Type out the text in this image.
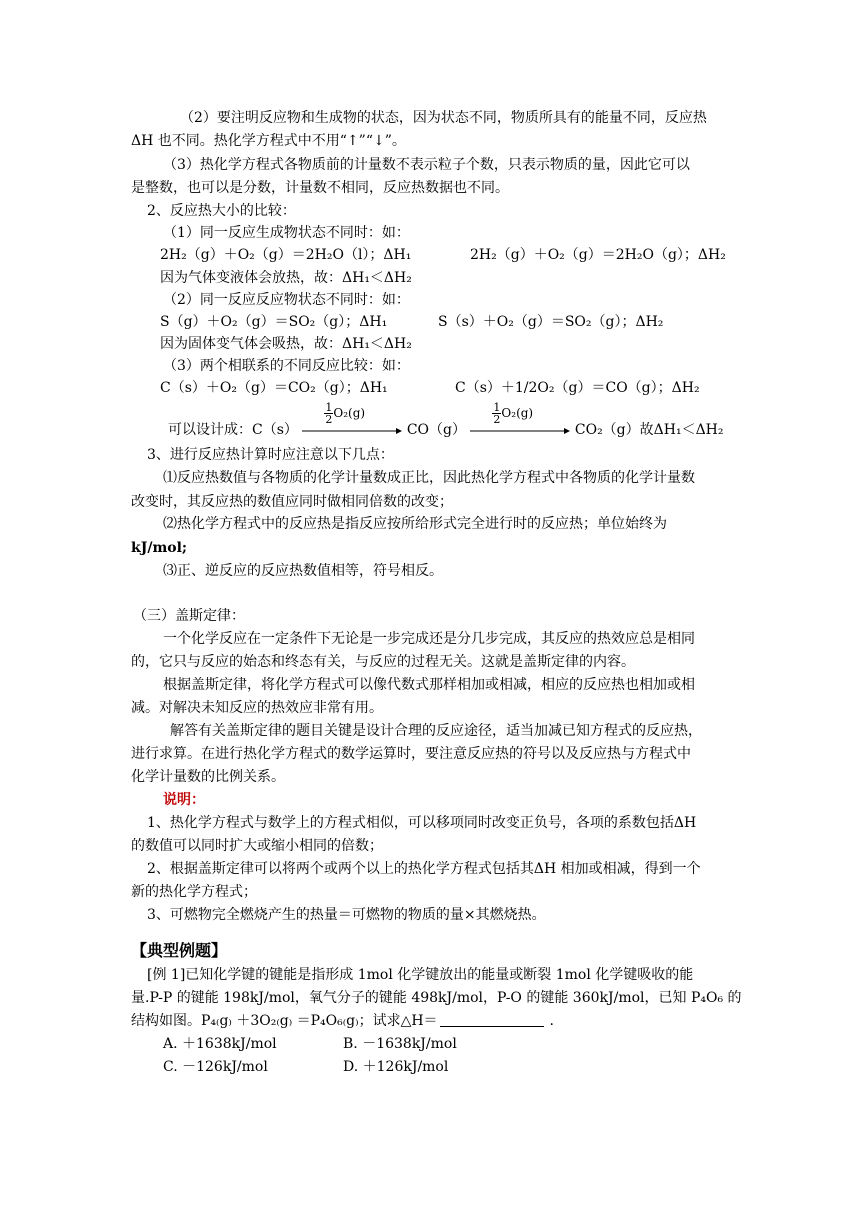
（2）要注明反应物和生成物的状态，因为状态不同，物质所具有的能量不同，反应热
ΔH 也不同。热化学方程式中不用“↑”“↓”。
（3）热化学方程式各物质前的计量数不表示粒子个数，只表示物质的量，因此它可以
是整数，也可以是分数，计量数不相同，反应热数据也不同。
2、反应热大小的比较：
（1）同一反应生成物状态不同时：如：
2H₂（g）＋O₂（g）＝2H₂O（l）；ΔH₁	2H₂（g）＋O₂（g）＝2H₂O（g）；ΔH₂
因为气体变液体会放热，故：ΔH₁＜ΔH₂
（2）同一反应反应物状态不同时：如：
S（g）＋O₂（g）＝SO₂（g）；ΔH₁	S（s）＋O₂（g）＝SO₂（g）；ΔH₂
因为固体变气体会吸热，故：ΔH₁＜ΔH₂
（3）两个相联系的不同反应比较：如：
C（s）＋O₂（g）＝CO₂（g）；ΔH₁	C（s）＋1/2O₂（g）＝CO（g）；ΔH₂
可以设计成：C（s）
$\frac{1}{2} O_2(g)$
CO（g）
$\frac{1}{2} O_2(g)$
CO₂（g）故ΔH₁＜ΔH₂
3、进行反应热计算时应注意以下几点：
⑴反应热数值与各物质的化学计量数成正比，因此热化学方程式中各物质的化学计量数
改变时，其反应热的数值应同时做相同倍数的改变；
⑵热化学方程式中的反应热是指反应按所给形式完全进行时的反应热；单位始终为
kJ/mol;
⑶正、逆反应的反应热数值相等，符号相反。
（三）盖斯定律：
一个化学反应在一定条件下无论是一步完成还是分几步完成，其反应的热效应总是相同
的，它只与反应的始态和终态有关，与反应的过程无关。这就是盖斯定律的内容。
根据盖斯定律，将化学方程式可以像代数式那样相加或相减，相应的反应热也相加或相
减。对解决未知反应的热效应非常有用。
解答有关盖斯定律的题目关键是设计合理的反应途径，适当加减已知方程式的反应热，
进行求算。在进行热化学方程式的数学运算时，要注意反应热的符号以及反应热与方程式中
化学计量数的比例关系。
说明：
1、热化学方程式与数学上的方程式相似，可以移项同时改变正负号，各项的系数包括ΔH
的数值可以同时扩大或缩小相同的倍数；
2、根据盖斯定律可以将两个或两个以上的热化学方程式包括其ΔH 相加或相减，得到一个
新的热化学方程式；
3、可燃物完全燃烧产生的热量＝可燃物的物质的量×其燃烧热。
【典型例题】
[例 1]已知化学键的键能是指形成 1mol 化学键放出的能量或断裂 1mol 化学键吸收的能
量.P-P 的键能 198kJ/mol，氧气分子的键能 498kJ/mol，P-O 的键能 360kJ/mol，已知 P₄O₆ 的
结构如图。P₄₍g₎ ＋3O₂₍g₎ ＝P₄O₆₍g₎；试求△H＝	.
A. ＋1638kJ/mol	B. －1638kJ/mol
C. －126kJ/mol	D. ＋126kJ/mol
